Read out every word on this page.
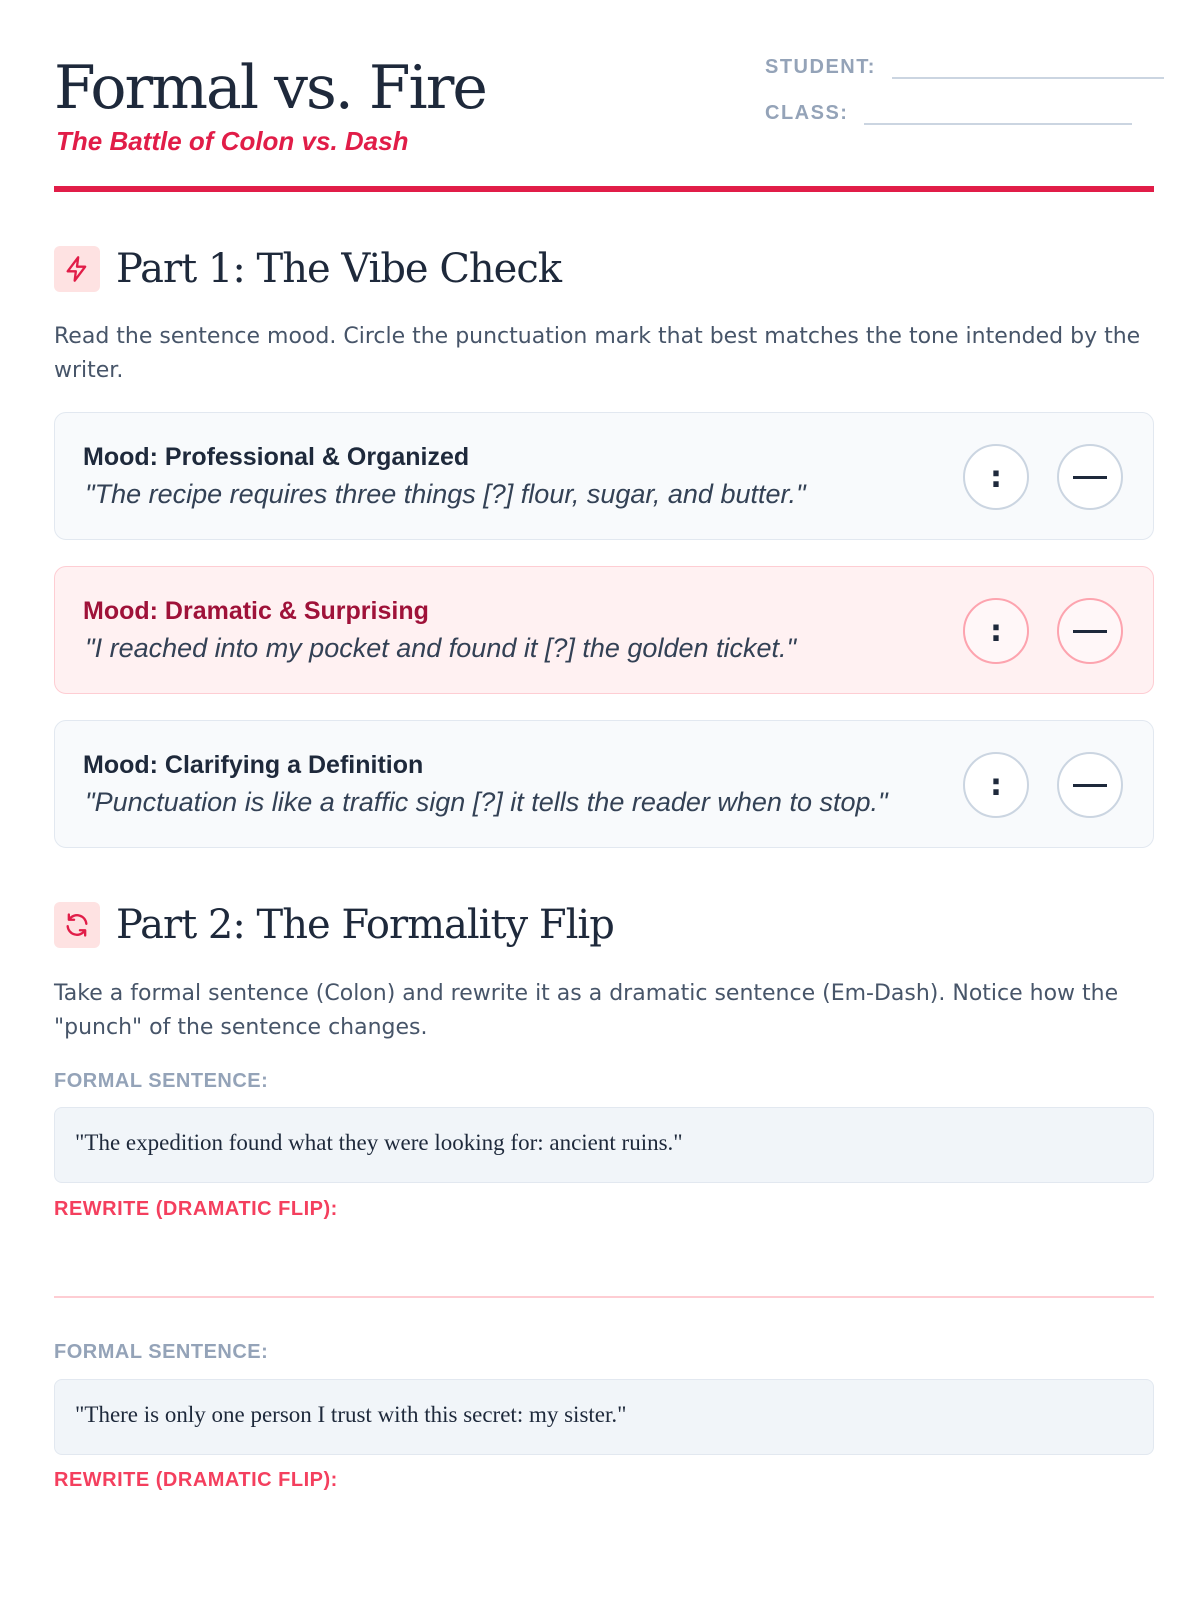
Formal vs. Fire
The Battle of Colon vs. Dash
STUDENT:
CLASS:
Part 1: The Vibe Check
Read the sentence mood. Circle the punctuation mark that best matches the tone intended by the writer.
Mood: Professional & Organized
"The recipe requires three things [?] flour, sugar, and butter."	:
Mood: Dramatic & Surprising
"I reached into my pocket and found it [?] the golden ticket."	:
Mood: Clarifying a Definition
"Punctuation is like a traffic sign [?] it tells the reader when to stop."	:
Part 2: The Formality Flip
Take a formal sentence (Colon) and rewrite it as a dramatic sentence (Em-Dash). Notice how the "punch" of the sentence changes.
FORMAL SENTENCE:
"The expedition found what they were looking for: ancient ruins."
REWRITE (DRAMATIC FLIP):
FORMAL SENTENCE:
"There is only one person I trust with this secret: my sister."
REWRITE (DRAMATIC FLIP):
